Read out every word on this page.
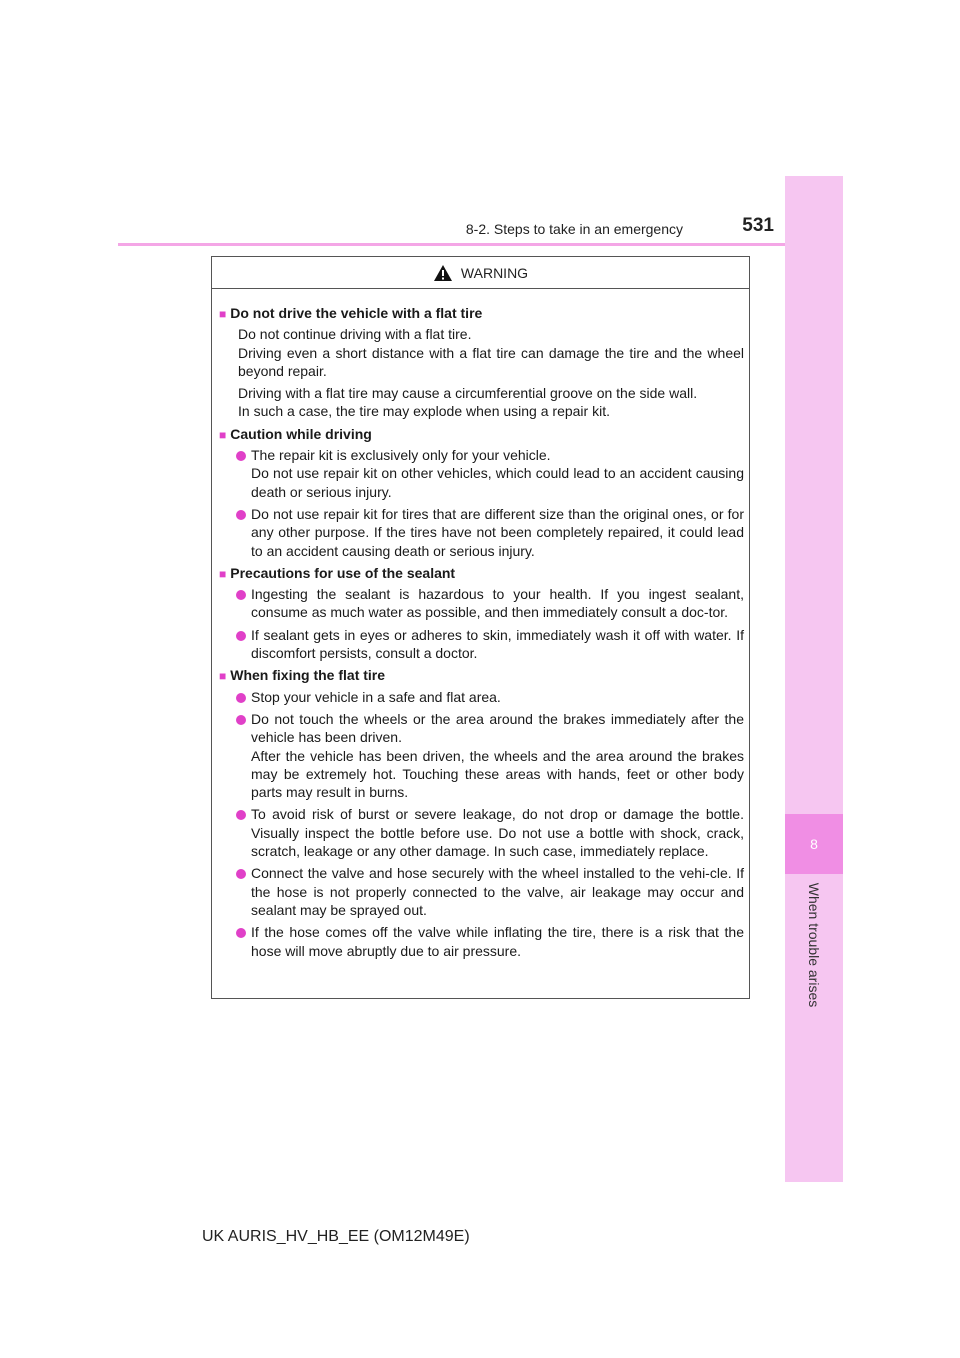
8-2. Steps to take in an emergency	531
8
When trouble arises
WARNING
■ Do not drive the vehicle with a flat tire

Do not continue driving with a flat tire.
Driving even a short distance with a flat tire can damage the tire and the wheel beyond repair.

Driving with a flat tire may cause a circumferential groove on the side wall.
In such a case, the tire may explode when using a repair kit.

■ Caution while driving

The repair kit is exclusively only for your vehicle.
Do not use repair kit on other vehicles, which could lead to an accident causing death or serious injury.

Do not use repair kit for tires that are different size than the original ones, or for any other purpose. If the tires have not been completely repaired, it could lead to an accident causing death or serious injury.

■ Precautions for use of the sealant

Ingesting the sealant is hazardous to your health. If you ingest sealant, consume as much water as possible, and then immediately consult a doc-tor.

If sealant gets in eyes or adheres to skin, immediately wash it off with water. If discomfort persists, consult a doctor.

■ When fixing the flat tire

Stop your vehicle in a safe and flat area.

Do not touch the wheels or the area around the brakes immediately after the vehicle has been driven.
After the vehicle has been driven, the wheels and the area around the brakes may be extremely hot. Touching these areas with hands, feet or other body parts may result in burns.

To avoid risk of burst or severe leakage, do not drop or damage the bottle. Visually inspect the bottle before use. Do not use a bottle with shock, crack, scratch, leakage or any other damage. In such case, immediately replace.

Connect the valve and hose securely with the wheel installed to the vehi-cle. If the hose is not properly connected to the valve, air leakage may occur and sealant may be sprayed out.

If the hose comes off the valve while inflating the tire, there is a risk that the hose will move abruptly due to air pressure.

UK AURIS_HV_HB_EE (OM12M49E)
